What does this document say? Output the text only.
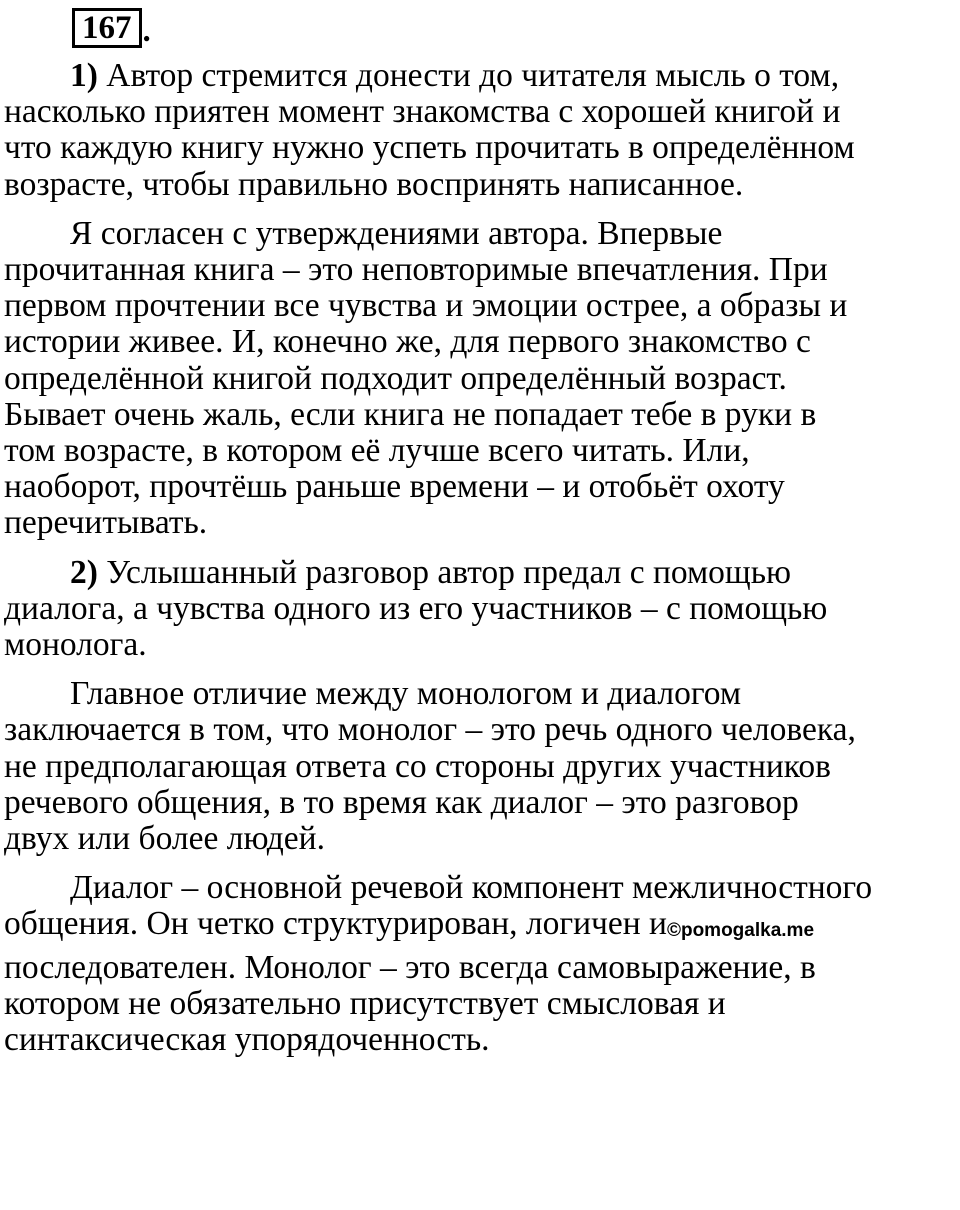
167 .

1) Автор стремится донести до читателя мысль о том,
насколько приятен момент знакомства с хорошей книгой и
что каждую книгу нужно успеть прочитать в определённом
возрасте, чтобы правильно воспринять написанное.

Я согласен с утверждениями автора. Впервые
прочитанная книга – это неповторимые впечатления. При
первом прочтении все чувства и эмоции острее, а образы и
истории живее. И, конечно же, для первого знакомство с
определённой книгой подходит определённый возраст.
Бывает очень жаль, если книга не попадает тебе в руки в
том возрасте, в котором её лучше всего читать. Или,
наоборот, прочтёшь раньше времени – и отобьёт охоту
перечитывать.

2) Услышанный разговор автор предал с помощью
диалога, а чувства одного из его участников – с помощью
монолога.

Главное отличие между монологом и диалогом
заключается в том, что монолог – это речь одного человека,
не предполагающая ответа со стороны других участников
речевого общения, в то время как диалог – это разговор
двух или более людей.

Диалог – основной речевой компонент межличностного
общения. Он четко структурирован, логичен и©pomogalka.me
последователен. Монолог – это всегда самовыражение, в
котором не обязательно присутствует смысловая и
синтаксическая упорядоченность.
